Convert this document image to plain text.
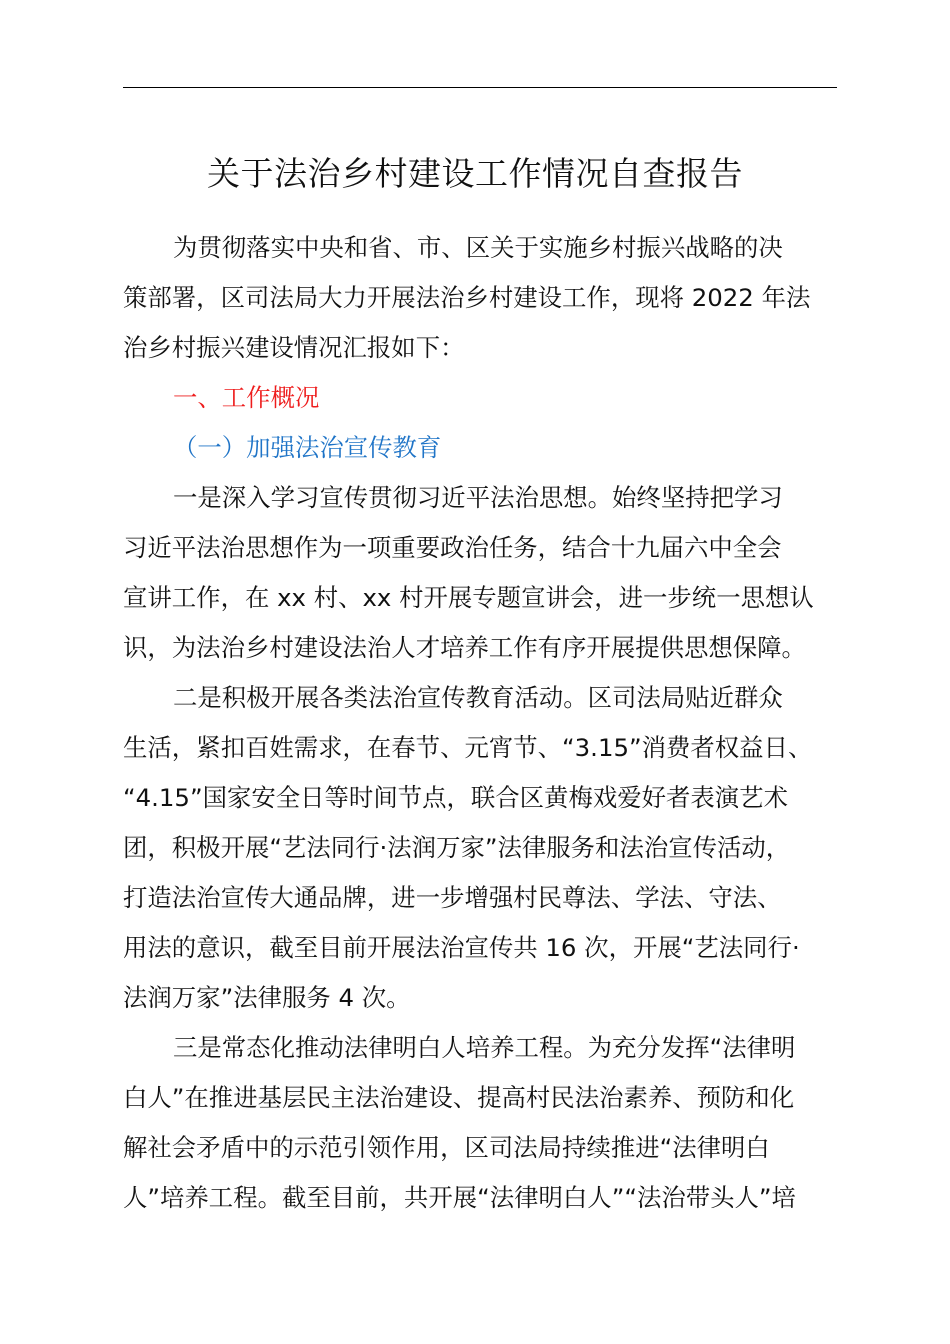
关于法治乡村建设工作情况自查报告
为贯彻落实中央和省、市、区关于实施乡村振兴战略的决
策部署，区司法局大力开展法治乡村建设工作，现将 2022 年法
治乡村振兴建设情况汇报如下：
一、工作概况
（一）加强法治宣传教育
一是深入学习宣传贯彻习近平法治思想。始终坚持把学习
习近平法治思想作为一项重要政治任务，结合十九届六中全会
宣讲工作，在 xx 村、xx 村开展专题宣讲会，进一步统一思想认
识，为法治乡村建设法治人才培养工作有序开展提供思想保障。
二是积极开展各类法治宣传教育活动。区司法局贴近群众
生活，紧扣百姓需求，在春节、元宵节、“3.15”消费者权益日、
“4.15”国家安全日等时间节点，联合区黄梅戏爱好者表演艺术
团，积极开展“艺法同行·法润万家”法律服务和法治宣传活动，
打造法治宣传大通品牌，进一步增强村民尊法、学法、守法、
用法的意识，截至目前开展法治宣传共 16 次，开展“艺法同行·
法润万家”法律服务 4 次。
三是常态化推动法律明白人培养工程。为充分发挥“法律明
白人”在推进基层民主法治建设、提高村民法治素养、预防和化
解社会矛盾中的示范引领作用，区司法局持续推进“法律明白
人”培养工程。截至目前，共开展“法律明白人”“法治带头人”培
